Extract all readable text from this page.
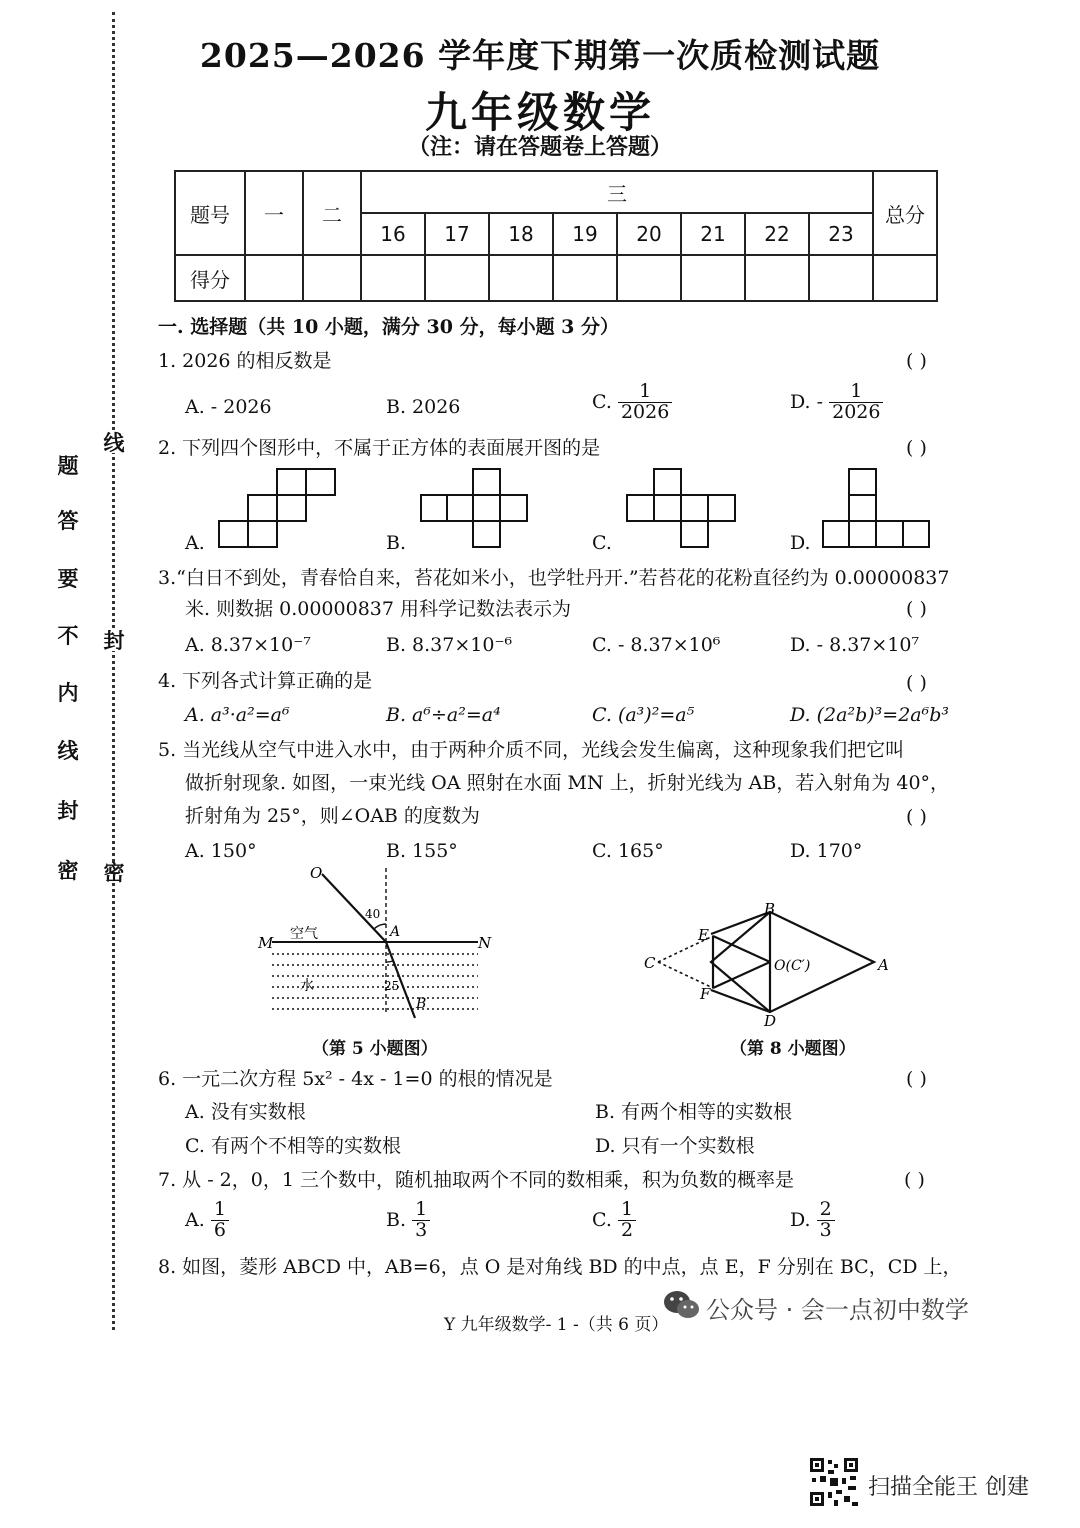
密
封
线
内
不
要
答
题
线
封
密
2025—2026 学年度下期第一次质检测试题
九年级数学
（注：请在答题卷上答题）
题号	一	二	三								总分
			16	17	18	19	20	21	22	23	
得分											
一. 选择题（共 10 小题，满分 30 分，每小题 3 分）
1. 2026 的相反数是	( )
A. - 2026	B. 2026	C. $\frac{1}{2026}$	D. - $\frac{1}{2026}$
2. 下列四个图形中，不属于正方体的表面展开图的是	( )
A.	B.	C.	D.
3.“白日不到处，青春恰自来，苔花如米小，也学牡丹开.”若苔花的花粉直径约为 0.00000837
米. 则数据 0.00000837 用科学记数法表示为	( )
A. 8.37×10⁻⁷	B. 8.37×10⁻⁶	C. - 8.37×10⁶	D. - 8.37×10⁷
4. 下列各式计算正确的是	( )
A. a³·a²=a⁶	B. a⁶÷a²=a⁴	C. (a³)²=a⁵	D. (2a²b)³=2a⁶b³
5. 当光线从空气中进入水中，由于两种介质不同，光线会发生偏离，这种现象我们把它叫
做折射现象. 如图，一束光线 OA 照射在水面 MN 上，折射光线为 AB，若入射角为 40°，
折射角为 25°，则∠OAB 的度数为	( )
A. 150°	B. 155°	C. 165°	D. 170°
O
M	N
A
B
空气
水
40
25
（第 5 小题图）
B
E
C	O(C′)	A
F
D
（第 8 小题图）
6. 一元二次方程 5x² - 4x - 1=0 的根的情况是	( )
A. 没有实数根	B. 有两个相等的实数根
C. 有两个不相等的实数根	D. 只有一个实数根
7. 从 - 2，0，1 三个数中，随机抽取两个不同的数相乘，积为负数的概率是	( )
A. $\frac{1}{6}$	B. $\frac{1}{3}$	C. $\frac{1}{2}$	D. $\frac{2}{3}$
8. 如图，菱形 ABCD 中，AB=6，点 O 是对角线 BD 的中点，点 E，F 分别在 BC，CD 上，
Y 九年级数学- 1 -（共 6 页）
公众号 · 会一点初中数学
扫描全能王 创建
